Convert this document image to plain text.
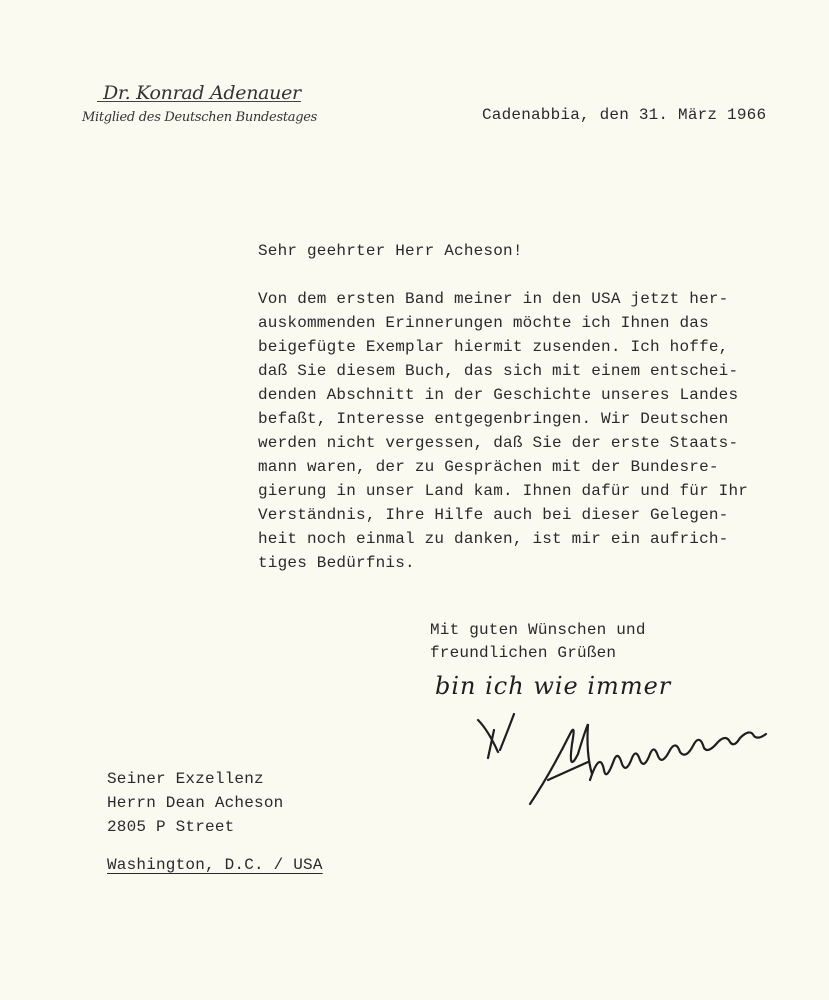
Dr. Konrad Adenauer
Mitglied des Deutschen Bundestages	Cadenabbia, den 31. März 1966
Sehr geehrter Herr Acheson!
Von dem ersten Band meiner in den USA jetzt her-
auskommenden Erinnerungen möchte ich Ihnen das
beigefügte Exemplar hiermit zusenden. Ich hoffe,
daß Sie diesem Buch, das sich mit einem entschei-
denden Abschnitt in der Geschichte unseres Landes
befaßt, Interesse entgegenbringen. Wir Deutschen
werden nicht vergessen, daß Sie der erste Staats-
mann waren, der zu Gesprächen mit der Bundesre-
gierung in unser Land kam. Ihnen dafür und für Ihr
Verständnis, Ihre Hilfe auch bei dieser Gelegen-
heit noch einmal zu danken, ist mir ein aufrich-
tiges Bedürfnis.
Mit guten Wünschen und
freundlichen Grüßen
bin ich wie immer
Seiner Exzellenz
Herrn Dean Acheson
2805 P Street
Washington, D.C. / USA
